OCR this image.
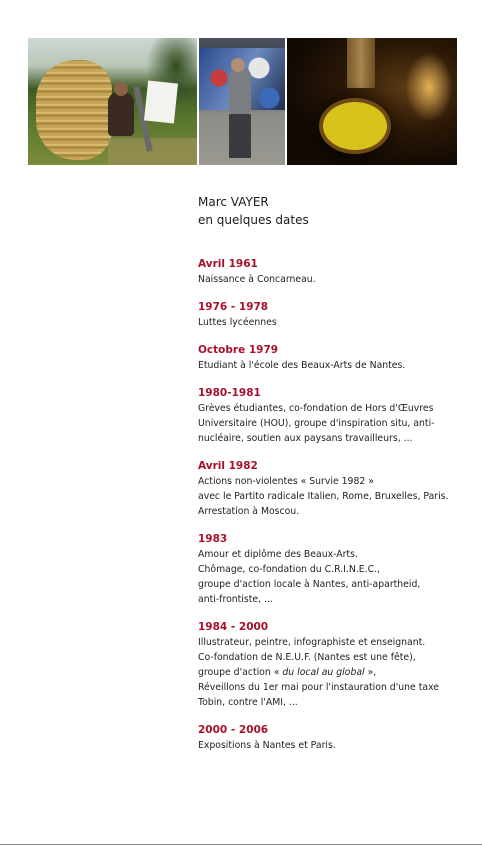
Marc VAYER
en quelques dates
Avril 1961
Naissance à Concarneau.
1976 - 1978
Luttes lycéennes
Octobre 1979
Etudiant à l'école des Beaux-Arts de Nantes.
1980-1981
Grèves étudiantes, co-fondation de Hors d'Œuvres
Universitaire (HOU), groupe d'inspiration situ, anti-
nucléaire, soutien aux paysans travailleurs, ...
Avril 1982
Actions non-violentes « Survie 1982 »
avec le Partito radicale Italien, Rome, Bruxelles, Paris.
Arrestation à Moscou.
1983
Amour et diplôme des Beaux-Arts.
Chômage, co-fondation du C.R.I.N.E.C.,
groupe d'action locale à Nantes, anti-apartheid,
anti-frontiste, ...
1984 - 2000
Illustrateur, peintre, infographiste et enseignant.
Co-fondation de N.E.U.F. (Nantes est une fête),
groupe d'action « du local au global »,
Réveillons du 1er mai pour l'instauration d'une taxe
Tobin, contre l'AMI, ...
2000 - 2006
Expositions à Nantes et Paris.
